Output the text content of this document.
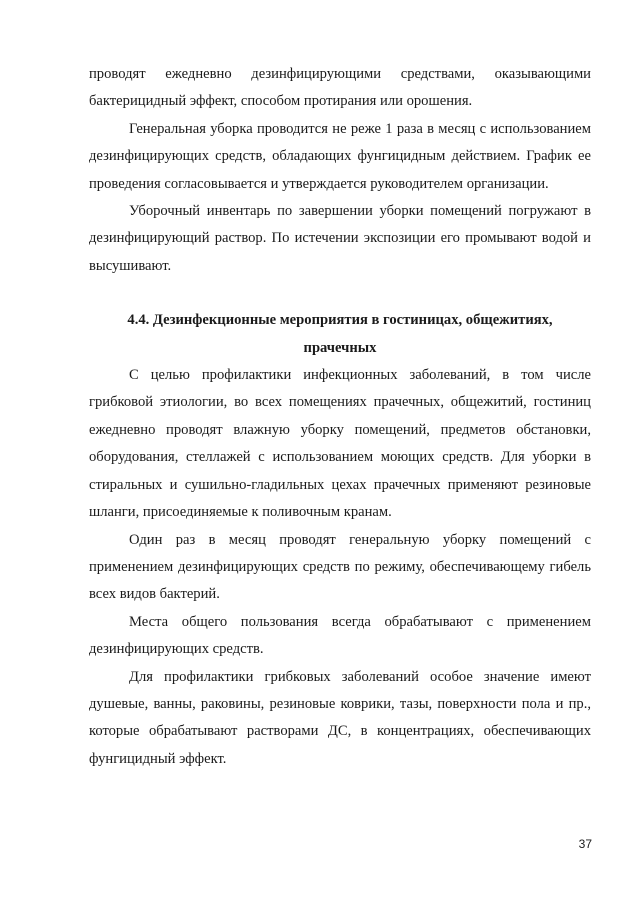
проводят ежедневно дезинфицирующими средствами, оказывающими бактерицидный эффект, способом протирания или орошения.

Генеральная уборка проводится не реже 1 раза в месяц с использованием дезинфицирующих средств, обладающих фунгицидным действием. График ее проведения согласовывается и утверждается руководителем организации.

Уборочный инвентарь по завершении уборки помещений погружают в дезинфицирующий раствор. По истечении экспозиции его промывают водой и высушивают.

4.4. Дезинфекционные мероприятия в гостиницах, общежитиях, прачечных

С целью профилактики инфекционных заболеваний, в том числе грибковой этиологии, во всех помещениях прачечных, общежитий, гостиниц ежедневно проводят влажную уборку помещений, предметов обстановки, оборудования, стеллажей с использованием моющих средств. Для уборки в стиральных и сушильно-гладильных цехах прачечных применяют резиновые шланги, присоединяемые к поливочным кранам.

Один раз в месяц проводят генеральную уборку помещений с применением дезинфицирующих средств по режиму, обеспечивающему гибель всех видов бактерий.

Места общего пользования всегда обрабатывают с применением дезинфицирующих средств.

Для профилактики грибковых заболеваний особое значение имеют душевые, ванны, раковины, резиновые коврики, тазы, поверхности пола и пр., которые обрабатывают растворами ДС, в концентрациях, обеспечивающих фунгицидный эффект.

37
